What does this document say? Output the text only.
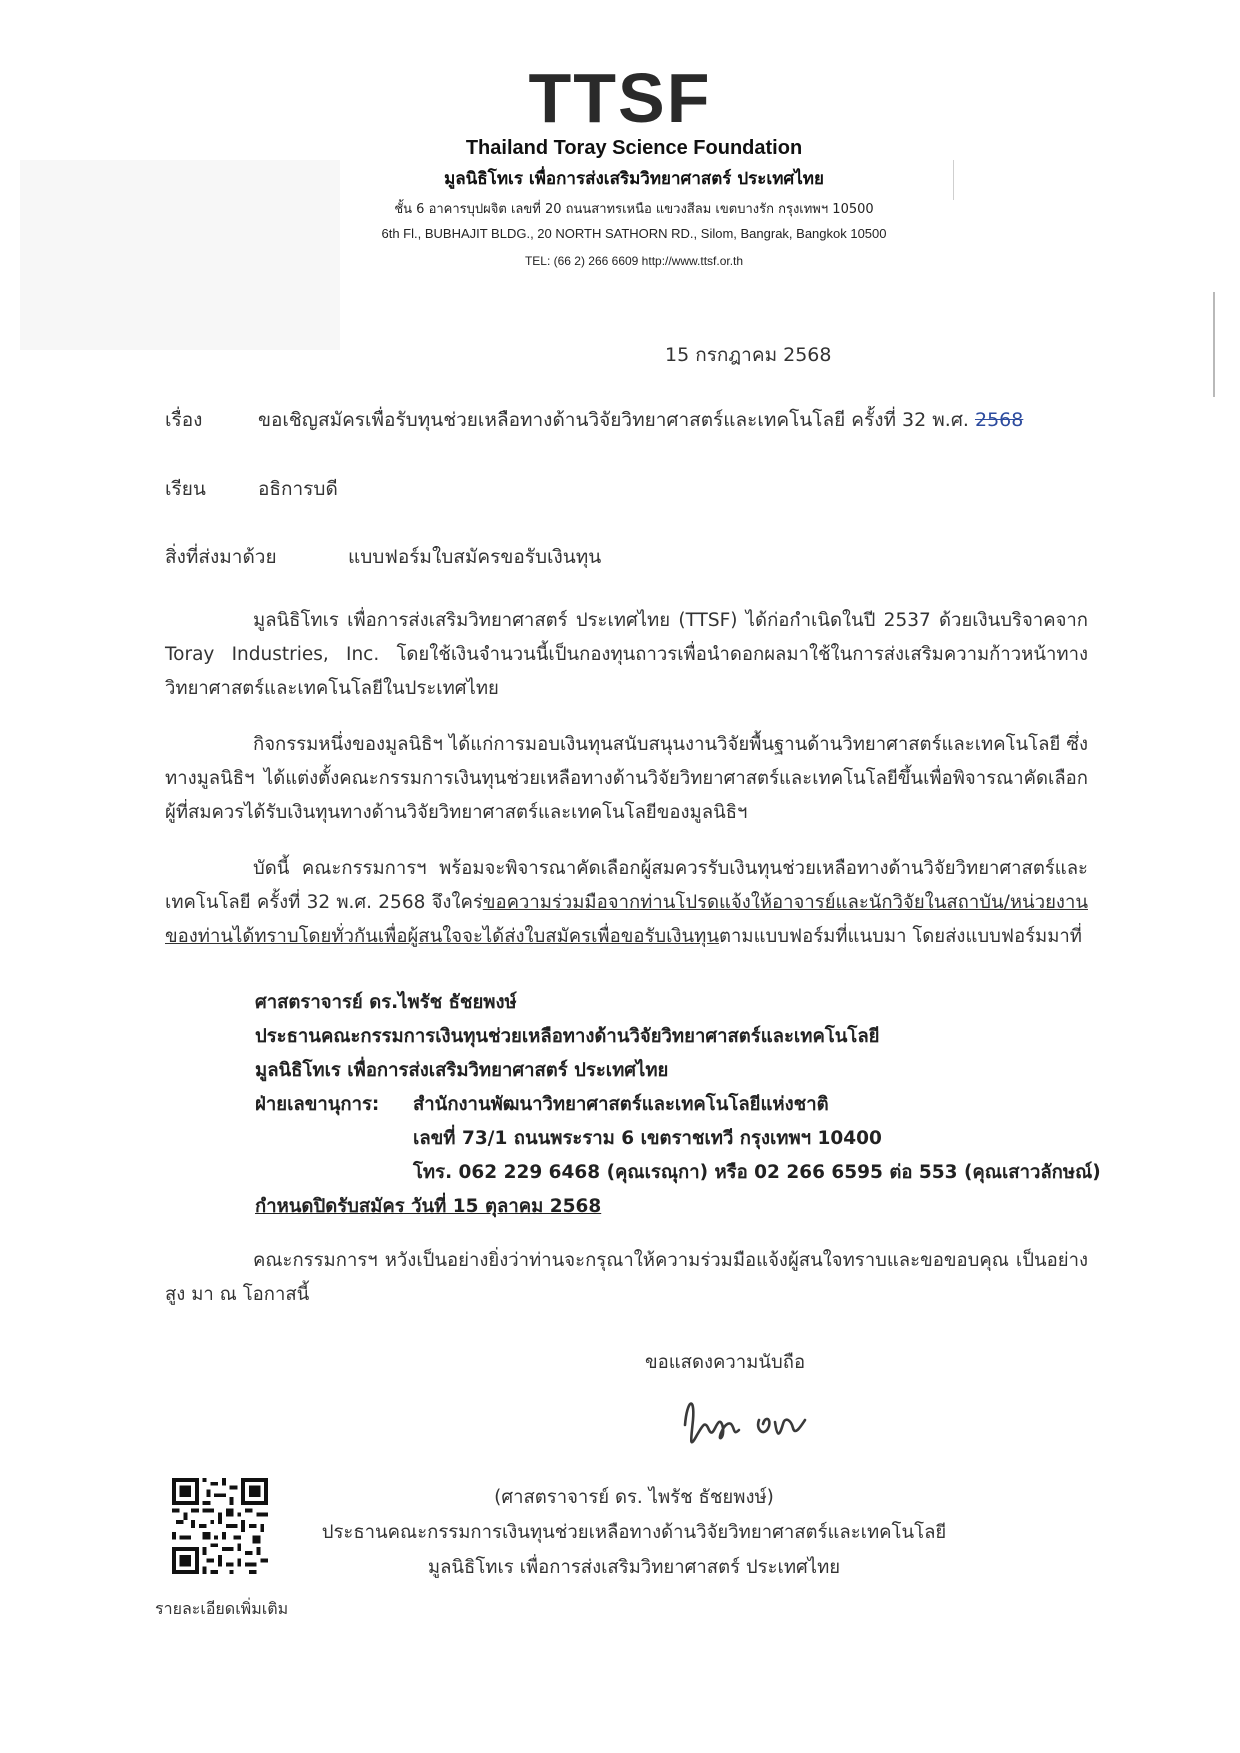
TTSF
Thailand Toray Science Foundation
มูลนิธิโทเร เพื่อการส่งเสริมวิทยาศาสตร์ ประเทศไทย
ชั้น 6 อาคารบุปผจิต เลขที่ 20 ถนนสาทรเหนือ แขวงสีลม เขตบางรัก กรุงเทพฯ 10500
6th Fl., BUBHAJIT BLDG., 20 NORTH SATHORN RD., Silom, Bangrak, Bangkok 10500
TEL: (66 2) 266 6609 http://www.ttsf.or.th
15 กรกฎาคม 2568
เรื่อง	ขอเชิญสมัครเพื่อรับทุนช่วยเหลือทางด้านวิจัยวิทยาศาสตร์และเทคโนโลยี ครั้งที่ 32 พ.ศ. 2568
เรียน	อธิการบดี
สิ่งที่ส่งมาด้วย	แบบฟอร์มใบสมัครขอรับเงินทุน
มูลนิธิโทเร เพื่อการส่งเสริมวิทยาศาสตร์ ประเทศไทย (TTSF) ได้ก่อกำเนิดในปี 2537 ด้วยเงินบริจาคจาก Toray Industries, Inc. โดยใช้เงินจำนวนนี้เป็นกองทุนถาวรเพื่อนำดอกผลมาใช้ในการส่งเสริมความก้าวหน้าทางวิทยาศาสตร์และเทคโนโลยีในประเทศไทย
กิจกรรมหนึ่งของมูลนิธิฯ ได้แก่การมอบเงินทุนสนับสนุนงานวิจัยพื้นฐานด้านวิทยาศาสตร์และเทคโนโลยี ซึ่งทางมูลนิธิฯ ได้แต่งตั้งคณะกรรมการเงินทุนช่วยเหลือทางด้านวิจัยวิทยาศาสตร์และเทคโนโลยีขึ้นเพื่อพิจารณาคัดเลือกผู้ที่สมควรได้รับเงินทุนทางด้านวิจัยวิทยาศาสตร์และเทคโนโลยีของมูลนิธิฯ
บัดนี้ คณะกรรมการฯ พร้อมจะพิจารณาคัดเลือกผู้สมควรรับเงินทุนช่วยเหลือทางด้านวิจัยวิทยาศาสตร์และเทคโนโลยี ครั้งที่ 32 พ.ศ. 2568 จึงใคร่ขอความร่วมมือจากท่านโปรดแจ้งให้อาจารย์และนักวิจัยในสถาบัน/หน่วยงานของท่านได้ทราบโดยทั่วกันเพื่อผู้สนใจจะได้ส่งใบสมัครเพื่อขอรับเงินทุนตามแบบฟอร์มที่แนบมา โดยส่งแบบฟอร์มมาที่
ศาสตราจารย์ ดร.ไพรัช ธัชยพงษ์
ประธานคณะกรรมการเงินทุนช่วยเหลือทางด้านวิจัยวิทยาศาสตร์และเทคโนโลยี
มูลนิธิโทเร เพื่อการส่งเสริมวิทยาศาสตร์ ประเทศไทย
ฝ่ายเลขานุการ: สำนักงานพัฒนาวิทยาศาสตร์และเทคโนโลยีแห่งชาติ
เลขที่ 73/1 ถนนพระราม 6 เขตราชเทวี กรุงเทพฯ 10400
โทร. 062 229 6468 (คุณเรณุกา) หรือ 02 266 6595 ต่อ 553 (คุณเสาวลักษณ์)
กำหนดปิดรับสมัคร วันที่ 15 ตุลาคม 2568
คณะกรรมการฯ หวังเป็นอย่างยิ่งว่าท่านจะกรุณาให้ความร่วมมือแจ้งผู้สนใจทราบและขอขอบคุณ เป็นอย่างสูง มา ณ โอกาสนี้
ขอแสดงความนับถือ
(ศาสตราจารย์ ดร. ไพรัช ธัชยพงษ์)
ประธานคณะกรรมการเงินทุนช่วยเหลือทางด้านวิจัยวิทยาศาสตร์และเทคโนโลยี
มูลนิธิโทเร เพื่อการส่งเสริมวิทยาศาสตร์ ประเทศไทย
รายละเอียดเพิ่มเติม
